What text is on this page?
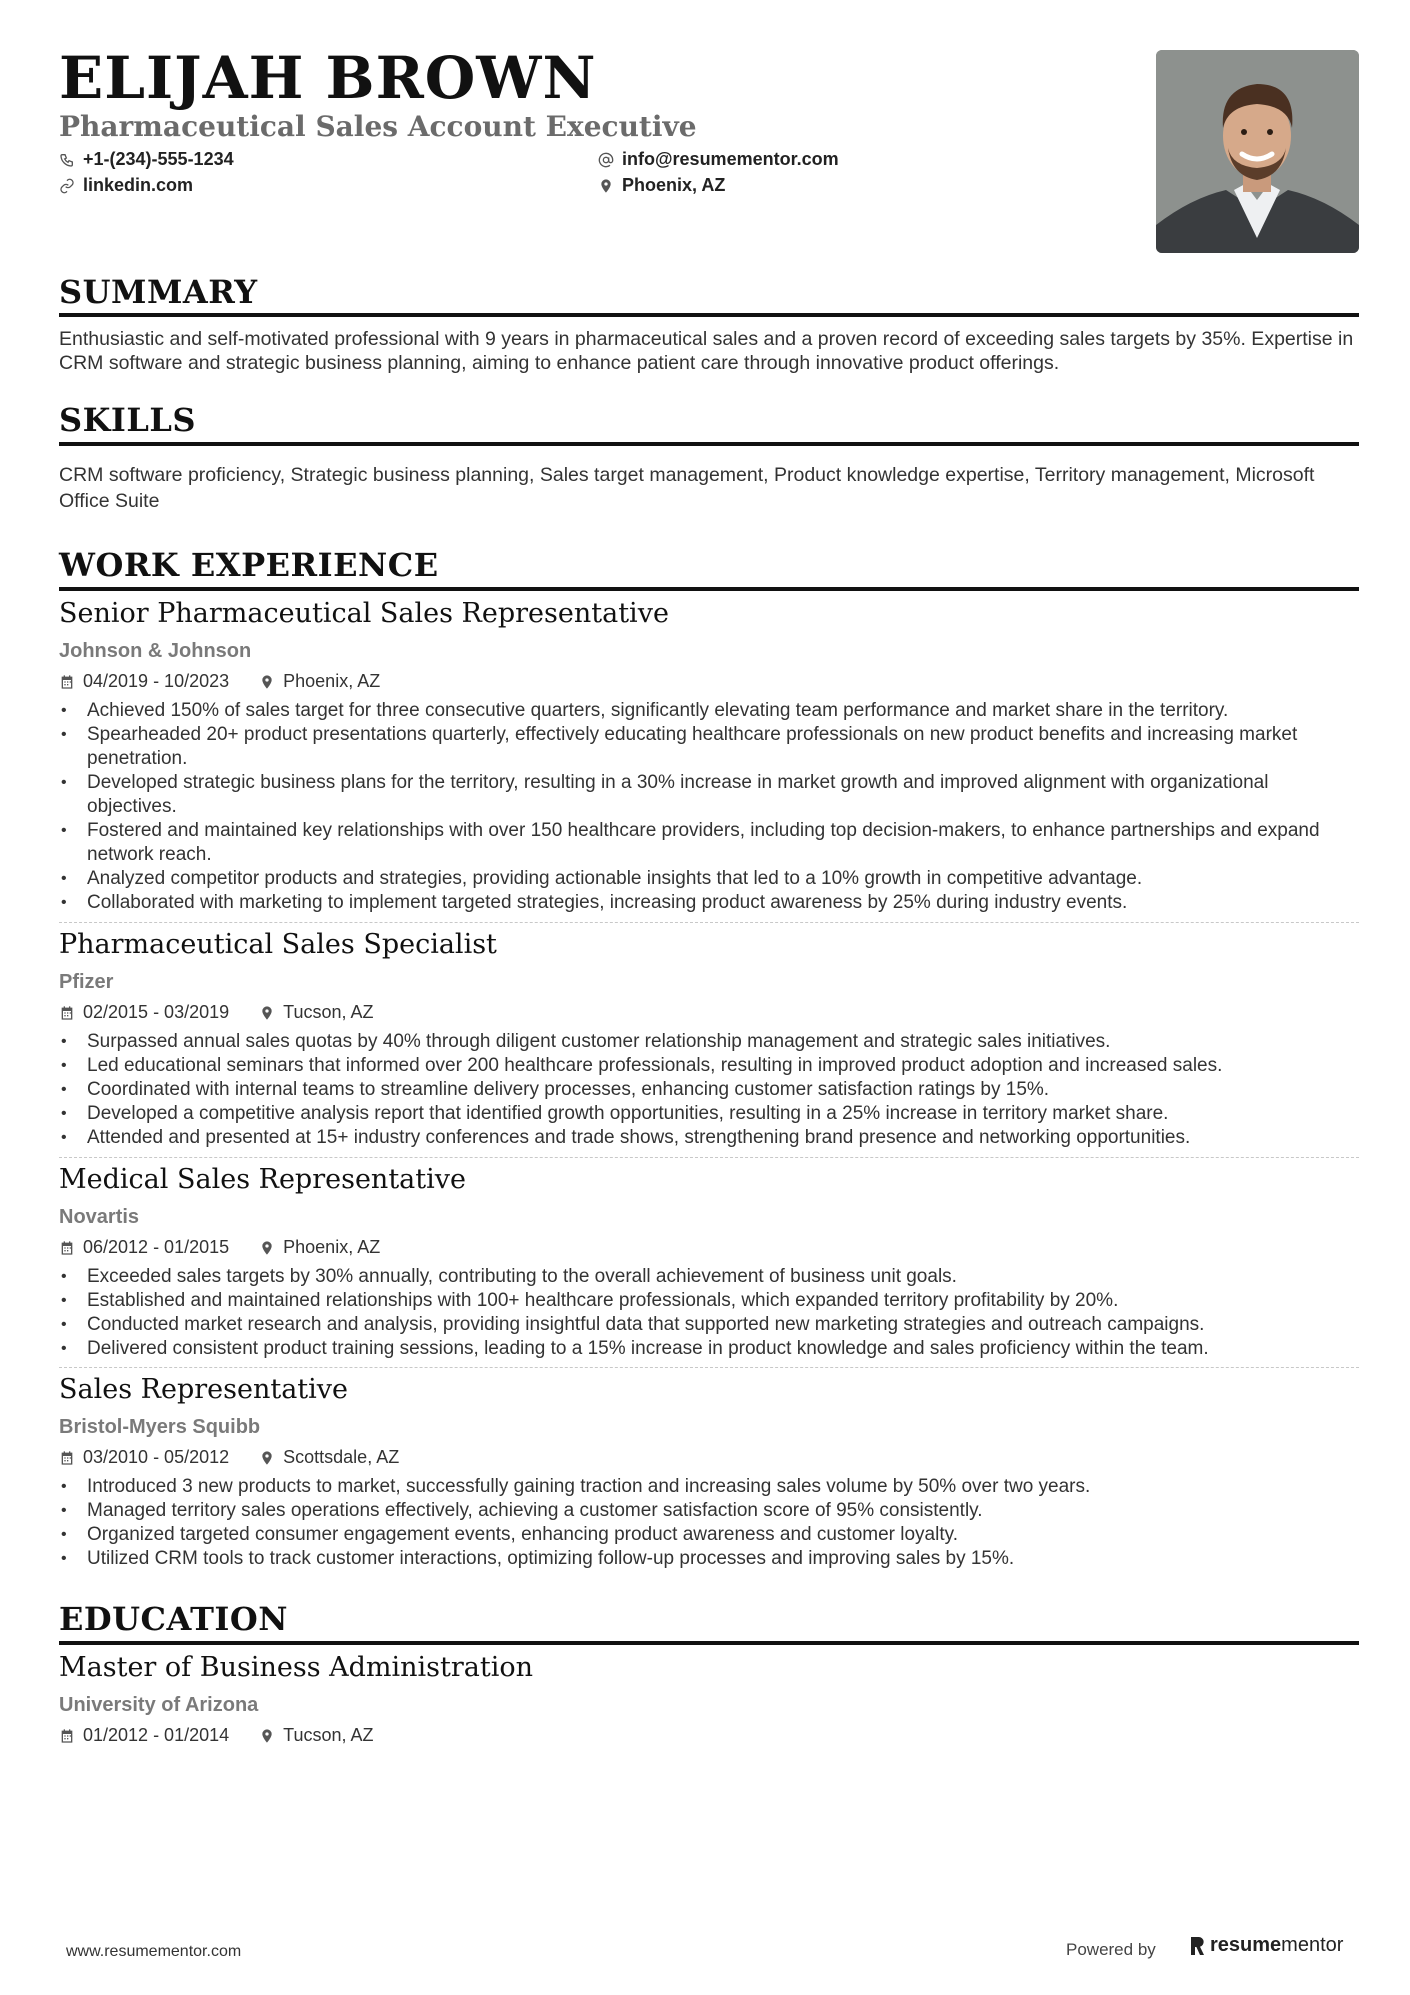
ELIJAH BROWN
Pharmaceutical Sales Account Executive
+1-(234)-555-1234	info@resumementor.com
linkedin.com	Phoenix, AZ
SUMMARY

Enthusiastic and self-motivated professional with 9 years in pharmaceutical sales and a proven record of exceeding sales targets by 35%. Expertise in CRM software and strategic business planning, aiming to enhance patient care through innovative product offerings.

SKILLS

CRM software proficiency, Strategic business planning, Sales target management, Product knowledge expertise, Territory management, Microsoft Office Suite

WORK EXPERIENCE
Senior Pharmaceutical Sales Representative
Johnson & Johnson
04/2019 - 10/2023	Phoenix, AZ
• Achieved 150% of sales target for three consecutive quarters, significantly elevating team performance and market share in the territory.
• Spearheaded 20+ product presentations quarterly, effectively educating healthcare professionals on new product benefits and increasing market penetration.
• Developed strategic business plans for the territory, resulting in a 30% increase in market growth and improved alignment with organizational objectives.
• Fostered and maintained key relationships with over 150 healthcare providers, including top decision-makers, to enhance partnerships and expand network reach.
• Analyzed competitor products and strategies, providing actionable insights that led to a 10% growth in competitive advantage.
• Collaborated with marketing to implement targeted strategies, increasing product awareness by 25% during industry events.
Pharmaceutical Sales Specialist
Pfizer
02/2015 - 03/2019	Tucson, AZ
• Surpassed annual sales quotas by 40% through diligent customer relationship management and strategic sales initiatives.
• Led educational seminars that informed over 200 healthcare professionals, resulting in improved product adoption and increased sales.
• Coordinated with internal teams to streamline delivery processes, enhancing customer satisfaction ratings by 15%.
• Developed a competitive analysis report that identified growth opportunities, resulting in a 25% increase in territory market share.
• Attended and presented at 15+ industry conferences and trade shows, strengthening brand presence and networking opportunities.
Medical Sales Representative
Novartis
06/2012 - 01/2015	Phoenix, AZ
• Exceeded sales targets by 30% annually, contributing to the overall achievement of business unit goals.
• Established and maintained relationships with 100+ healthcare professionals, which expanded territory profitability by 20%.
• Conducted market research and analysis, providing insightful data that supported new marketing strategies and outreach campaigns.
• Delivered consistent product training sessions, leading to a 15% increase in product knowledge and sales proficiency within the team.
Sales Representative
Bristol-Myers Squibb
03/2010 - 05/2012	Scottsdale, AZ
• Introduced 3 new products to market, successfully gaining traction and increasing sales volume by 50% over two years.
• Managed territory sales operations effectively, achieving a customer satisfaction score of 95% consistently.
• Organized targeted consumer engagement events, enhancing product awareness and customer loyalty.
• Utilized CRM tools to track customer interactions, optimizing follow-up processes and improving sales by 15%.
EDUCATION
Master of Business Administration
University of Arizona
01/2012 - 01/2014	Tucson, AZ
www.resumementor.com	Powered by	resume mentor
